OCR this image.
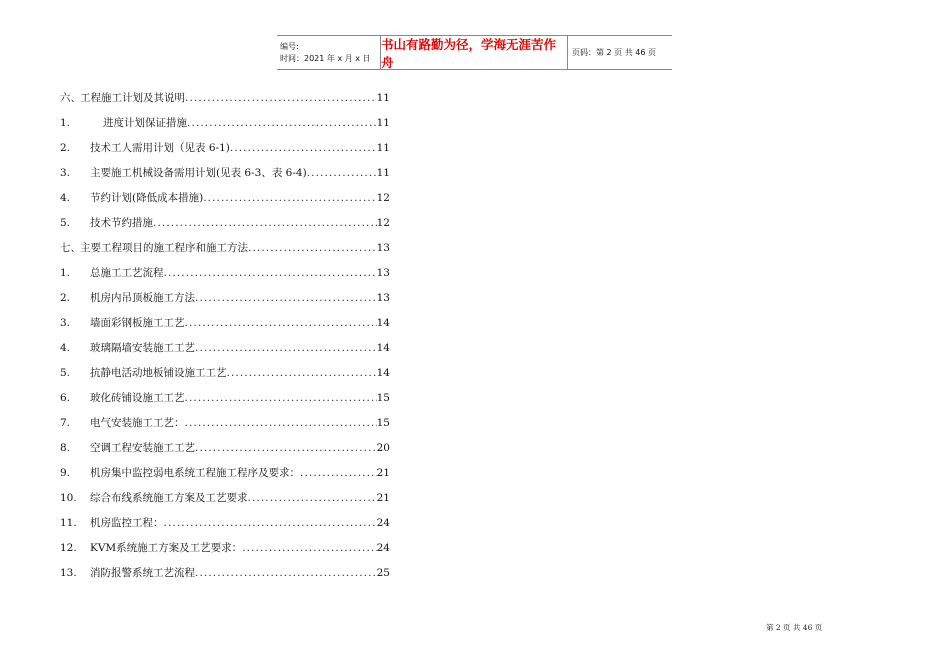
编号:
时间：2021 年 x 月 x 日
书山有路勤为径，学海无涯苦作舟
页码：第 2 页 共 46 页
六、 工程施工计划及其说明 .....	11
1.	进度计划保证措施 .....	11
2.	技术工人需用计划（见表 6-1) .....	11
3.	主要施工机械设备需用计划(见表 6-3、表 6-4) .....	11
4.	节约计划(降低成本措施) .....	12
5.	技术节约措施 .....	12
七、 主要工程项目的施工程序和施工方法 .....	13
1.	总施工工艺流程 .....	13
2.	机房内吊顶板施工方法 .....	13
3.	墙面彩钢板施工工艺 .....	14
4.	玻璃隔墙安装施工工艺 .....	14
5.	抗静电活动地板铺设施工工艺 .....	14
6.	玻化砖铺设施工工艺 .....	15
7.	电气安装施工工艺： .....	15
8.	空调工程安装施工工艺 .....	20
9.	机房集中监控弱电系统工程施工程序及要求： .....	21
10.	综合布线系统施工方案及工艺要求 .....	21
11.	机房监控工程： .....	24
12.	KVM系统施工方案及工艺要求： .....	24
13.	消防报警系统工艺流程 .....	25
第 2 页 共 46 页
